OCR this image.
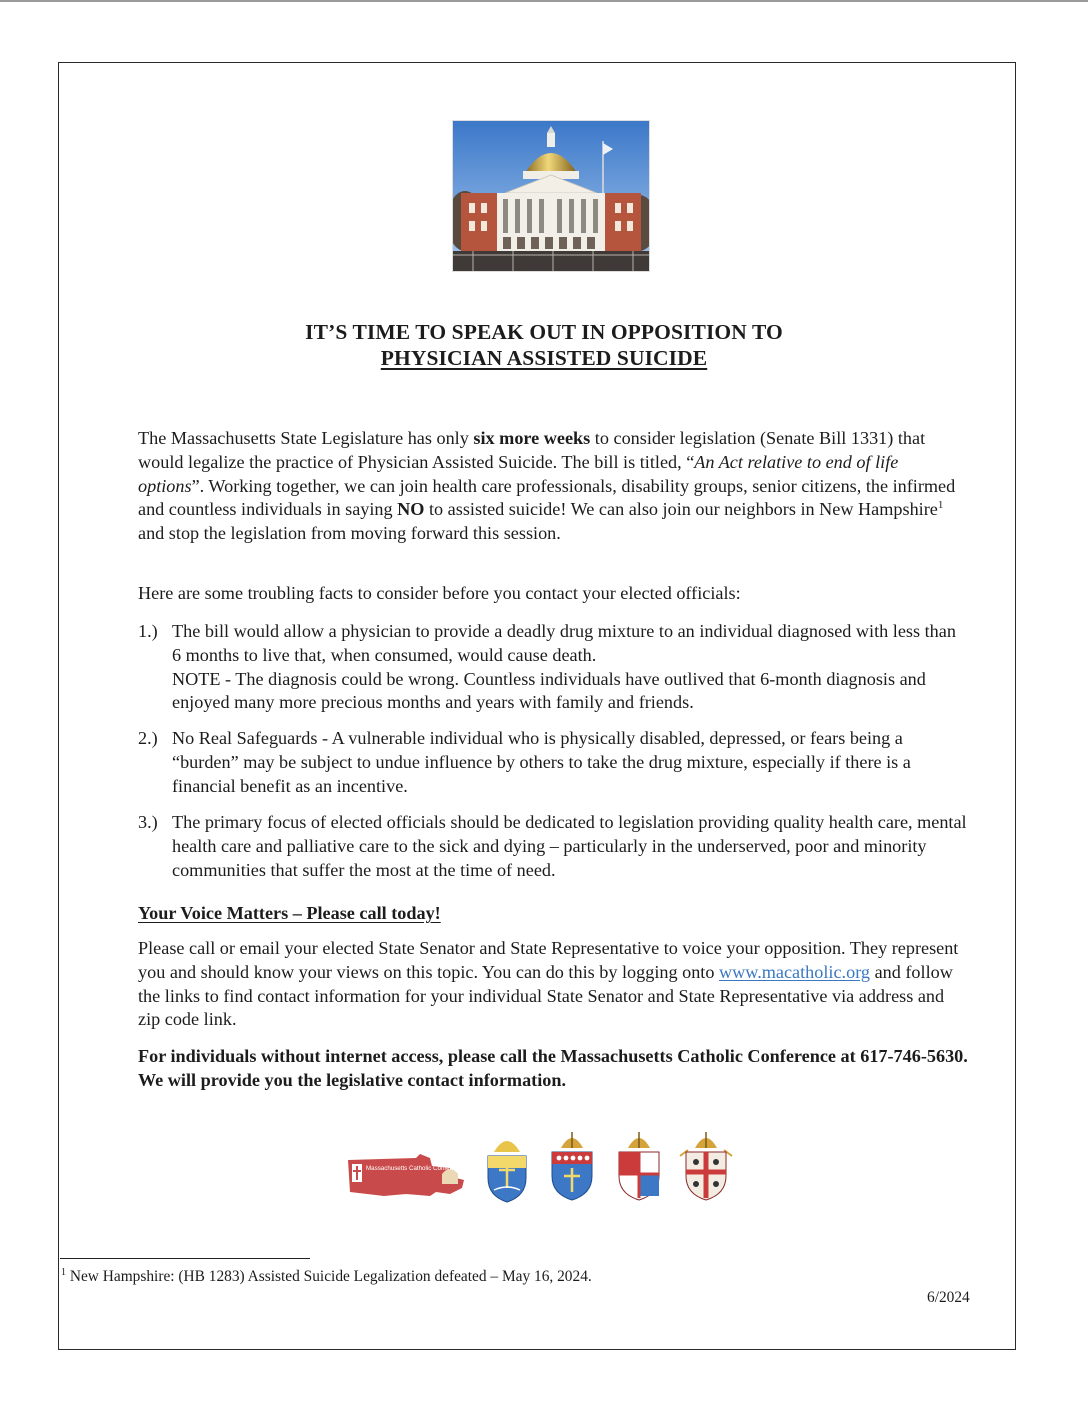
IT’S TIME TO SPEAK OUT IN OPPOSITION TO
PHYSICIAN ASSISTED SUICIDE
The Massachusetts State Legislature has only six more weeks to consider legislation (Senate Bill 1331) that would legalize the practice of Physician Assisted Suicide. The bill is titled, “An Act relative to end of life options”. Working together, we can join health care professionals, disability groups, senior citizens, the infirmed and countless individuals in saying NO to assisted suicide! We can also join our neighbors in New Hampshire$^1$ and stop the legislation from moving forward this session.
Here are some troubling facts to consider before you contact your elected officials:
1.) The bill would allow a physician to provide a deadly drug mixture to an individual diagnosed with less than 6 months to live that, when consumed, would cause death.
NOTE - The diagnosis could be wrong. Countless individuals have outlived that 6-month diagnosis and enjoyed many more precious months and years with family and friends.
2.) No Real Safeguards - A vulnerable individual who is physically disabled, depressed, or fears being a “burden” may be subject to undue influence by others to take the drug mixture, especially if there is a financial benefit as an incentive.
3.) The primary focus of elected officials should be dedicated to legislation providing quality health care, mental health care and palliative care to the sick and dying – particularly in the underserved, poor and minority communities that suffer the most at the time of need.
Your Voice Matters – Please call today!
Please call or email your elected State Senator and State Representative to voice your opposition. They represent you and should know your views on this topic. You can do this by logging onto www.macatholic.org and follow the links to find contact information for your individual State Senator and State Representative via address and zip code link.
For individuals without internet access, please call the Massachusetts Catholic Conference at 617-746-5630. We will provide you the legislative contact information.
Massachusetts Catholic Conference
$^1$ New Hampshire: (HB 1283) Assisted Suicide Legalization defeated – May 16, 2024.
6/2024
